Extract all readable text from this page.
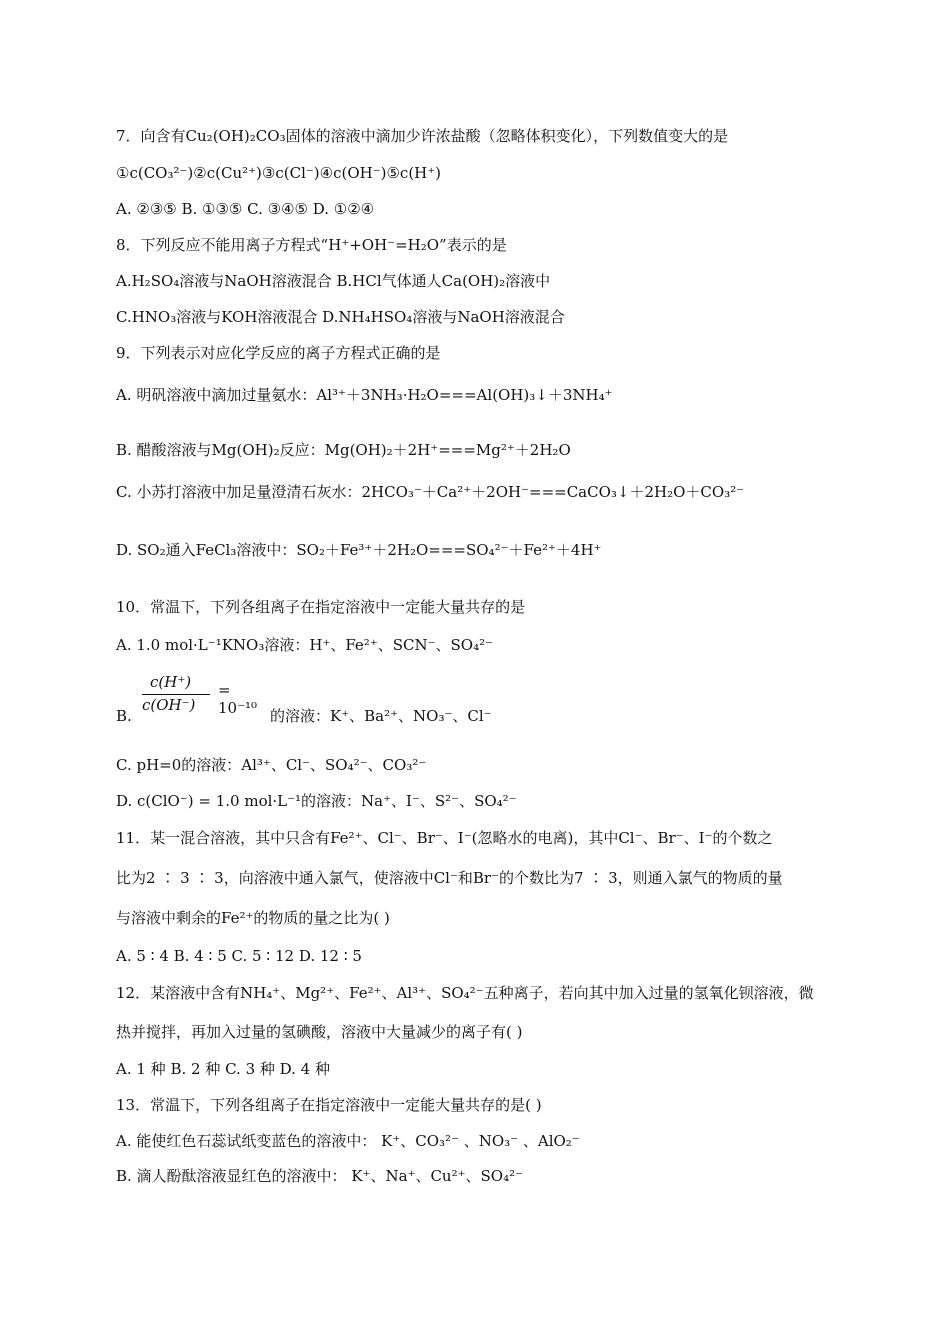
7．向含有Cu₂(OH)₂CO₃固体的溶液中滴加少许浓盐酸（忽略体积变化），下列数值变大的是
①c(CO₃²⁻)②c(Cu²⁺)③c(Cl⁻)④c(OH⁻)⑤c(H⁺)
A. ②③⑤ B. ①③⑤ C. ③④⑤ D. ①②④
8．下列反应不能用离子方程式“H⁺+OH⁻=H₂O”表示的是
A.H₂SO₄溶液与NaOH溶液混合 B.HCl气体通人Ca(OH)₂溶液中
C.HNO₃溶液与KOH溶液混合 D.NH₄HSO₄溶液与NaOH溶液混合
9．下列表示对应化学反应的离子方程式正确的是
A. 明矾溶液中滴加过量氨水：Al³⁺＋3NH₃·H₂O===Al(OH)₃↓＋3NH₄⁺
B. 醋酸溶液与Mg(OH)₂反应：Mg(OH)₂＋2H⁺===Mg²⁺＋2H₂O
C. 小苏打溶液中加足量澄清石灰水：2HCO₃⁻＋Ca²⁺＋2OH⁻===CaCO₃↓＋2H₂O＋CO₃²⁻
D. SO₂通入FeCl₃溶液中：SO₂＋Fe³⁺＋2H₂O===SO₄²⁻＋Fe²⁺＋4H⁺
10．常温下，下列各组离子在指定溶液中一定能大量共存的是
A. 1.0 mol·L⁻¹KNO₃溶液：H⁺、Fe²⁺、SCN⁻、SO₄²⁻
B.
c(H⁺)
c(OH⁻)
= 10⁻¹⁰ 的溶液：K⁺、Ba²⁺、NO₃⁻、Cl⁻
C. pH=0的溶液：Al³⁺、Cl⁻、SO₄²⁻、CO₃²⁻
D. c(ClO⁻) = 1.0 mol·L⁻¹的溶液：Na⁺、I⁻、S²⁻、SO₄²⁻
11．某一混合溶液，其中只含有Fe²⁺、Cl⁻、Br⁻、I⁻(忽略水的电离)，其中Cl⁻、Br⁻、I⁻的个数之
比为2 ∶ 3 ∶ 3，向溶液中通入氯气，使溶液中Cl⁻和Br⁻的个数比为7 ∶ 3，则通入氯气的物质的量
与溶液中剩余的Fe²⁺的物质的量之比为( )
A. 5 ∶ 4 B. 4 ∶ 5 C. 5 ∶ 12 D. 12 ∶ 5
12．某溶液中含有NH₄⁺、Mg²⁺、Fe²⁺、Al³⁺、SO₄²⁻五种离子，若向其中加入过量的氢氧化钡溶液，微
热并搅拌，再加入过量的氢碘酸，溶液中大量减少的离子有( )
A. 1 种 B. 2 种 C. 3 种 D. 4 种
13．常温下，下列各组离子在指定溶液中一定能大量共存的是( )
A. 能使红色石蕊试纸变蓝色的溶液中： K⁺、CO₃²⁻ 、NO₃⁻ 、AlO₂⁻
B. 滴人酚酞溶液显红色的溶液中： K⁺、Na⁺、Cu²⁺、SO₄²⁻
